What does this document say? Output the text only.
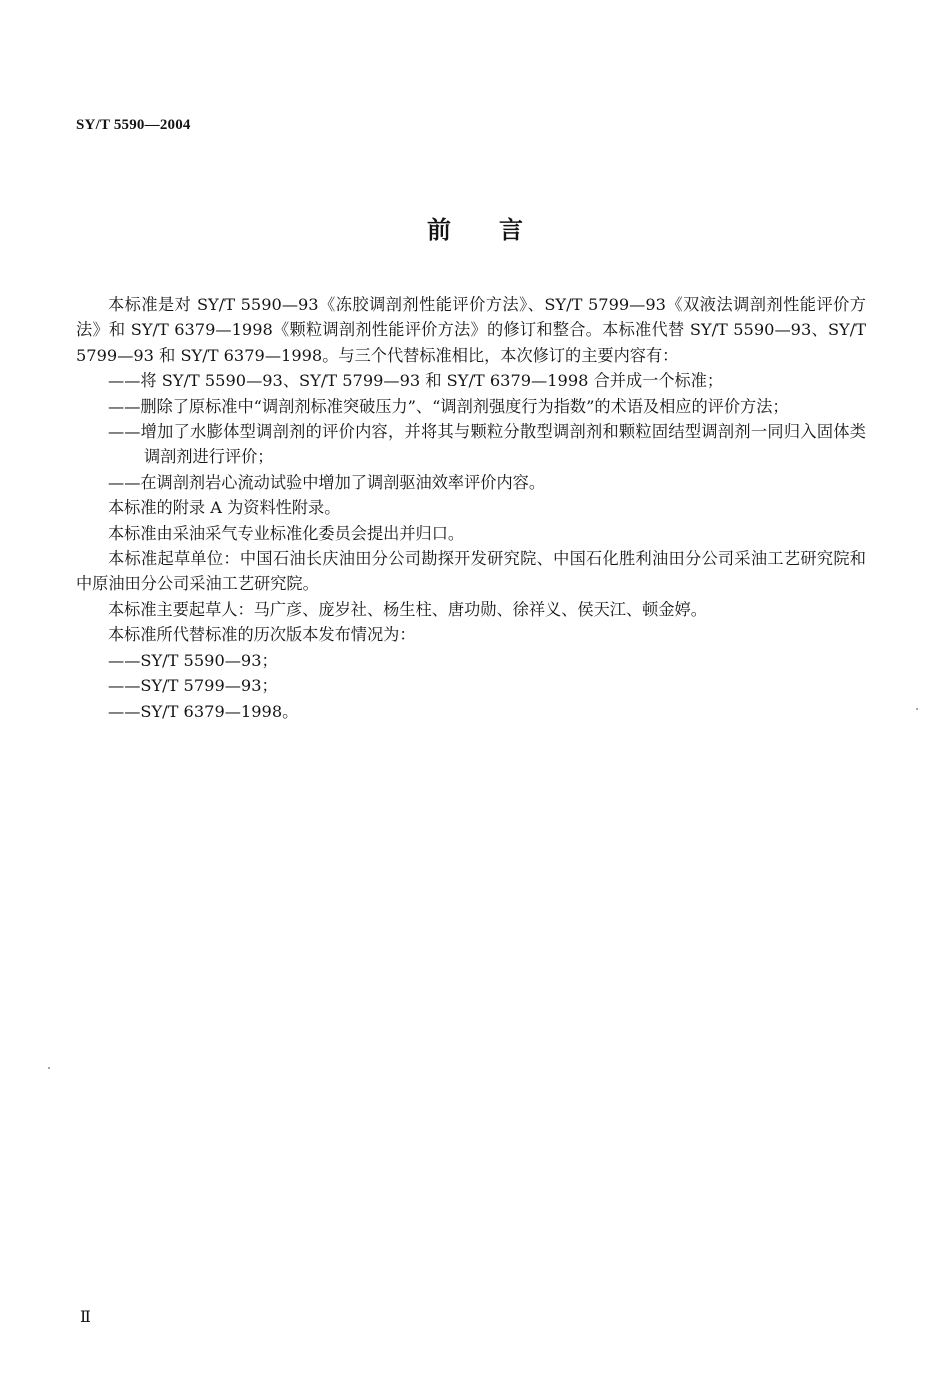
SY/T 5590—2004
前言

本标准是对 SY/T 5590—93《冻胶调剖剂性能评价方法》、SY/T 5799—93《双液法调剖剂性能评价方法》和 SY/T 6379—1998《颗粒调剖剂性能评价方法》的修订和整合。本标准代替 SY/T 5590—93、SY/T 5799—93 和 SY/T 6379—1998。与三个代替标准相比，本次修订的主要内容有：

——将 SY/T 5590—93、SY/T 5799—93 和 SY/T 6379—1998 合并成一个标准；

——删除了原标准中“调剖剂标准突破压力”、“调剖剂强度行为指数”的术语及相应的评价方法；

——增加了水膨体型调剖剂的评价内容，并将其与颗粒分散型调剖剂和颗粒固结型调剖剂一同归入固体类调剖剂进行评价；

——在调剖剂岩心流动试验中增加了调剖驱油效率评价内容。

本标准的附录 A 为资料性附录。

本标准由采油采气专业标准化委员会提出并归口。

本标准起草单位：中国石油长庆油田分公司勘探开发研究院、中国石化胜利油田分公司采油工艺研究院和中原油田分公司采油工艺研究院。

本标准主要起草人：马广彦、庞岁社、杨生柱、唐功勋、徐祥义、侯天江、顿金婷。

本标准所代替标准的历次版本发布情况为：

——SY/T 5590—93；

——SY/T 5799—93；

——SY/T 6379—1998。

Ⅱ
